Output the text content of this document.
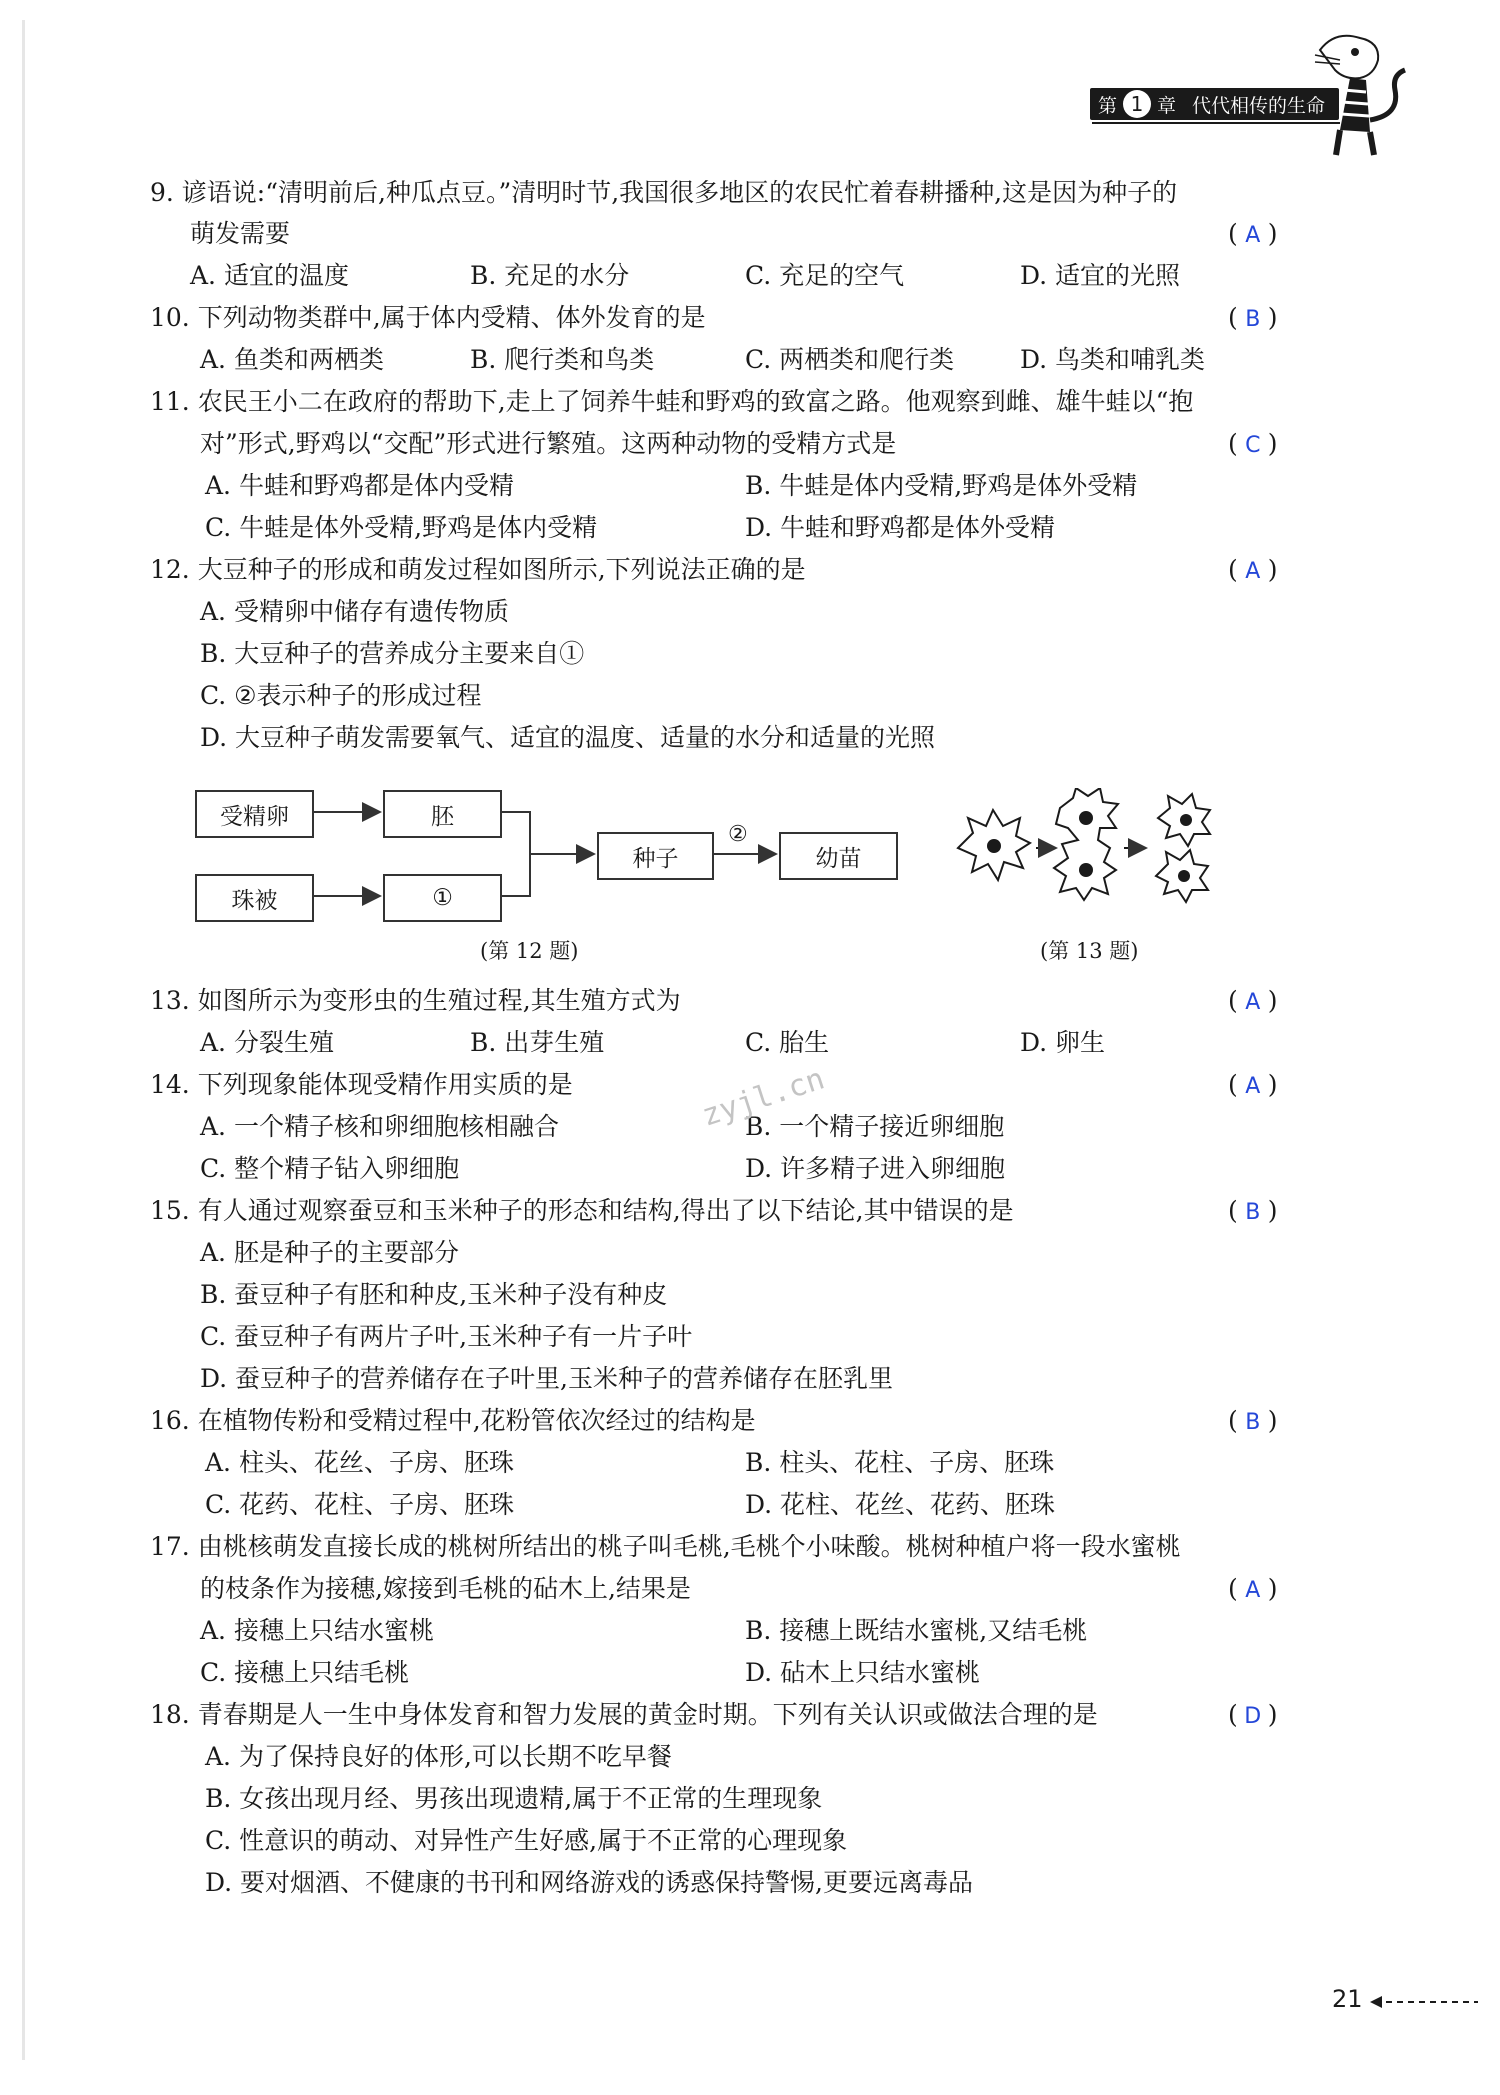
第 1 章 代代相传的生命
9. 谚语说:“清明前后,种瓜点豆。”清明时节,我国很多地区的农民忙着春耕播种,这是因为种子的
萌发需要	( A )
A. 适宜的温度	B. 充足的水分	C. 充足的空气	D. 适宜的光照
10. 下列动物类群中,属于体内受精、体外发育的是	( B )
A. 鱼类和两栖类	B. 爬行类和鸟类	C. 两栖类和爬行类	D. 鸟类和哺乳类
11. 农民王小二在政府的帮助下,走上了饲养牛蛙和野鸡的致富之路。他观察到雌、雄牛蛙以“抱
对”形式,野鸡以“交配”形式进行繁殖。这两种动物的受精方式是	( C )
A. 牛蛙和野鸡都是体内受精	B. 牛蛙是体内受精,野鸡是体外受精
C. 牛蛙是体外受精,野鸡是体内受精	D. 牛蛙和野鸡都是体外受精
12. 大豆种子的形成和萌发过程如图所示,下列说法正确的是	( A )
A. 受精卵中储存有遗传物质
B. 大豆种子的营养成分主要来自①
C. ②表示种子的形成过程
D. 大豆种子萌发需要氧气、适宜的温度、适量的水分和适量的光照
受精卵	胚
珠被	①
种子	幼苗
②
(第 12 题)	(第 13 题)
13. 如图所示为变形虫的生殖过程,其生殖方式为	( A )
A. 分裂生殖	B. 出芽生殖	C. 胎生	D. 卵生
14. 下列现象能体现受精作用实质的是	( A )
A. 一个精子核和卵细胞核相融合	B. 一个精子接近卵细胞
C. 整个精子钻入卵细胞	D. 许多精子进入卵细胞
zyjl.cn
15. 有人通过观察蚕豆和玉米种子的形态和结构,得出了以下结论,其中错误的是	( B )
A. 胚是种子的主要部分
B. 蚕豆种子有胚和种皮,玉米种子没有种皮
C. 蚕豆种子有两片子叶,玉米种子有一片子叶
D. 蚕豆种子的营养储存在子叶里,玉米种子的营养储存在胚乳里
16. 在植物传粉和受精过程中,花粉管依次经过的结构是	( B )
A. 柱头、花丝、子房、胚珠	B. 柱头、花柱、子房、胚珠
C. 花药、花柱、子房、胚珠	D. 花柱、花丝、花药、胚珠
17. 由桃核萌发直接长成的桃树所结出的桃子叫毛桃,毛桃个小味酸。桃树种植户将一段水蜜桃
的枝条作为接穗,嫁接到毛桃的砧木上,结果是	( A )
A. 接穗上只结水蜜桃	B. 接穗上既结水蜜桃,又结毛桃
C. 接穗上只结毛桃	D. 砧木上只结水蜜桃
18. 青春期是人一生中身体发育和智力发展的黄金时期。下列有关认识或做法合理的是	( D )
A. 为了保持良好的体形,可以长期不吃早餐
B. 女孩出现月经、男孩出现遗精,属于不正常的生理现象
C. 性意识的萌动、对异性产生好感,属于不正常的心理现象
D. 要对烟酒、不健康的书刊和网络游戏的诱惑保持警惕,更要远离毒品
21
